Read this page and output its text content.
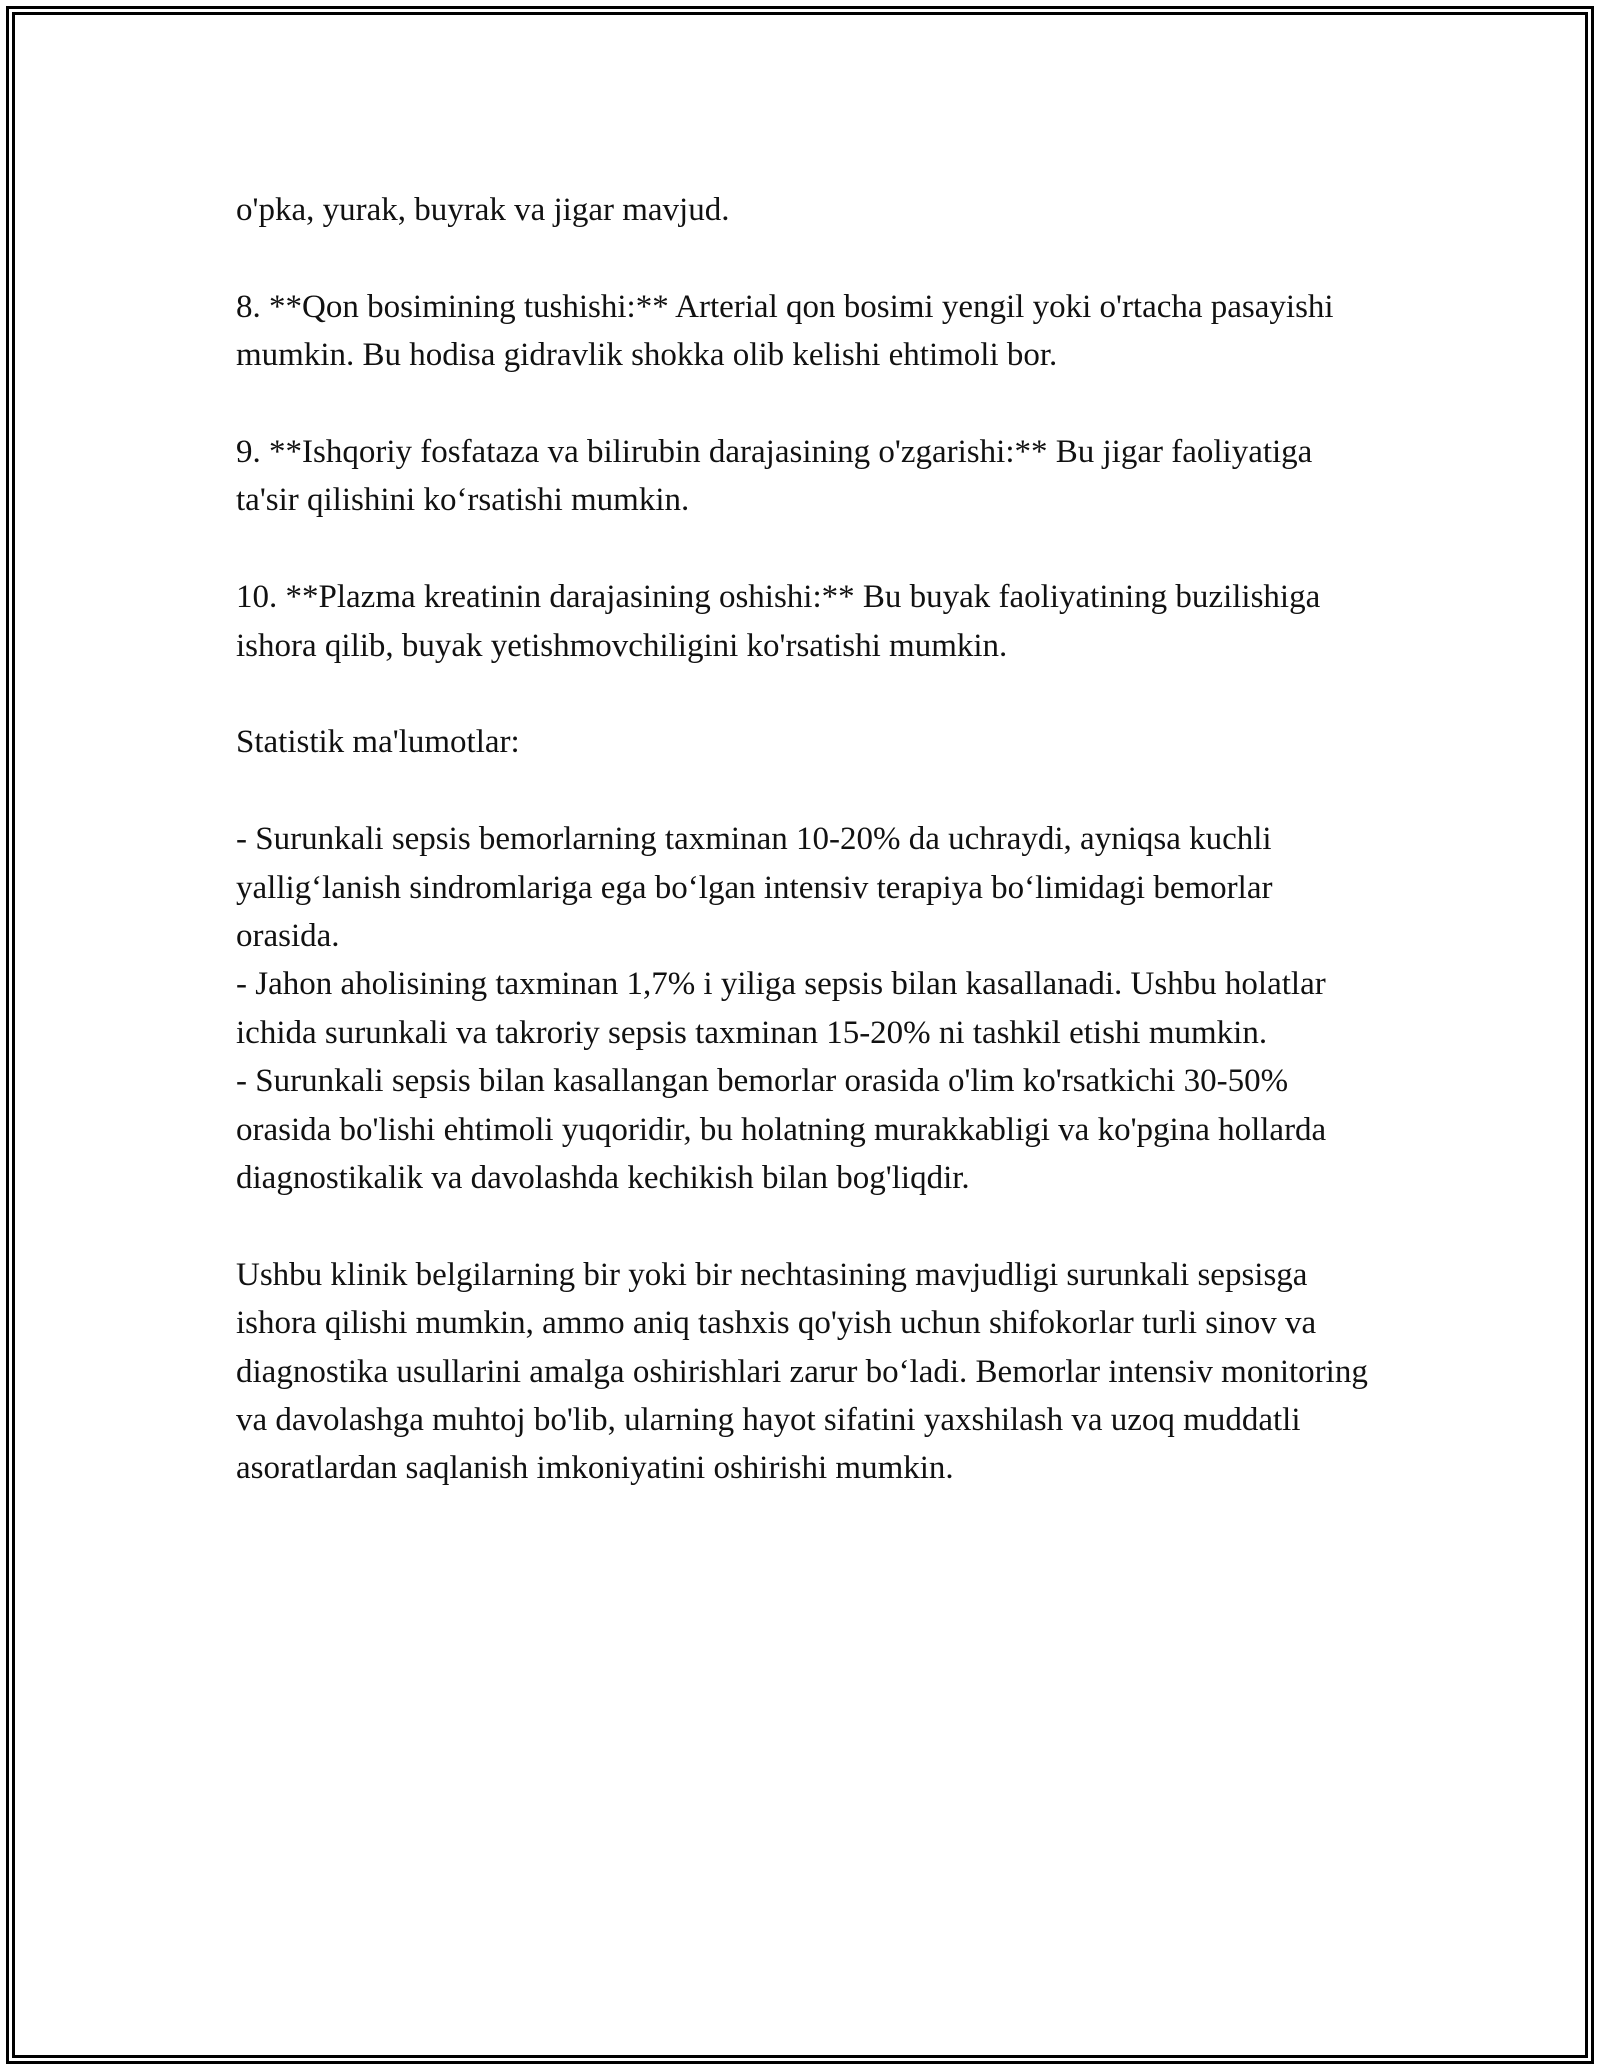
o'pka, yurak, buyrak va jigar mavjud.

8. **Qon bosimining tushishi:** Arterial qon bosimi yengil yoki o'rtacha pasayishi mumkin. Bu hodisa gidravlik shokka olib kelishi ehtimoli bor.

9. **Ishqoriy fosfataza va bilirubin darajasining o'zgarishi:** Bu jigar faoliyatiga ta'sir qilishini ko‘rsatishi mumkin.

10. **Plazma kreatinin darajasining oshishi:** Bu buyak faoliyatining buzilishiga ishora qilib, buyak yetishmovchiligini ko'rsatishi mumkin.

Statistik ma'lumotlar:

- Surunkali sepsis bemorlarning taxminan 10-20% da uchraydi, ayniqsa kuchli yallig‘lanish sindromlariga ega bo‘lgan intensiv terapiya bo‘limidagi bemorlar orasida.

- Jahon aholisining taxminan 1,7% i yiliga sepsis bilan kasallanadi. Ushbu holatlar ichida surunkali va takroriy sepsis taxminan 15-20% ni tashkil etishi mumkin.

- Surunkali sepsis bilan kasallangan bemorlar orasida o'lim ko'rsatkichi 30-50% orasida bo'lishi ehtimoli yuqoridir, bu holatning murakkabligi va ko'pgina hollarda diagnostikalik va davolashda kechikish bilan bog'liqdir.

Ushbu klinik belgilarning bir yoki bir nechtasining mavjudligi surunkali sepsisga ishora qilishi mumkin, ammo aniq tashxis qo'yish uchun shifokorlar turli sinov va diagnostika usullarini amalga oshirishlari zarur bo‘ladi. Bemorlar intensiv monitoring va davolashga muhtoj bo'lib, ularning hayot sifatini yaxshilash va uzoq muddatli asoratlardan saqlanish imkoniyatini oshirishi mumkin.
